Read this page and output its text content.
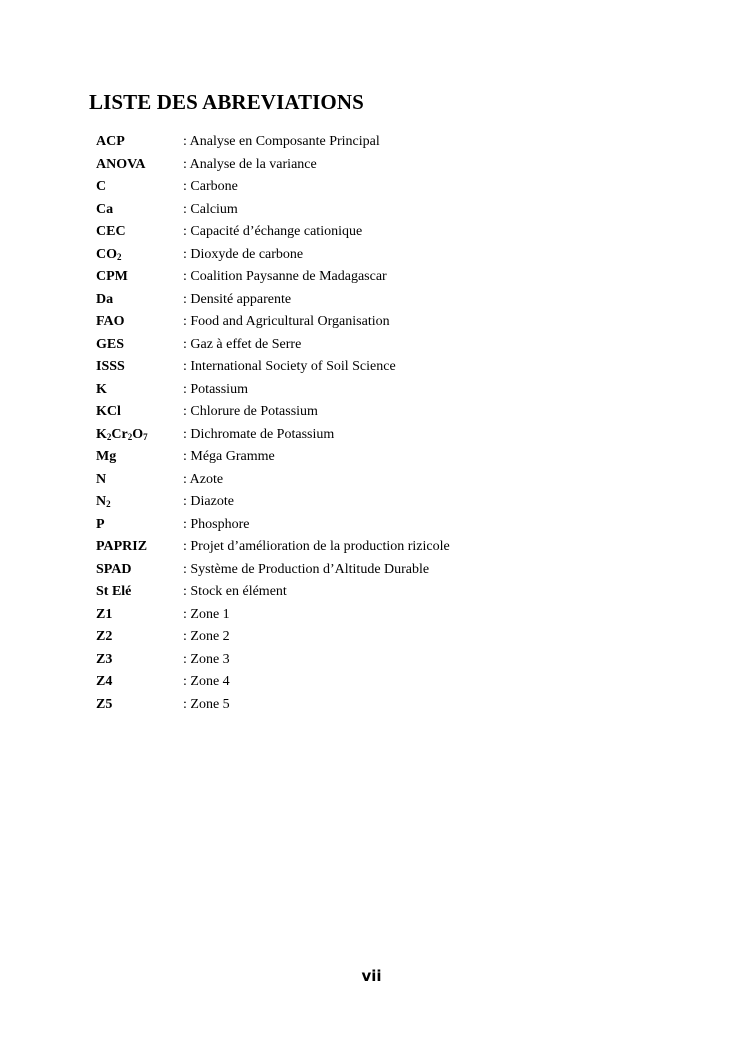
LISTE DES ABREVIATIONS
ACP	: Analyse en Composante Principal
ANOVA	: Analyse de la variance
C	: Carbone
Ca	: Calcium
CEC	: Capacité d’échange cationique
CO2	: Dioxyde de carbone
CPM	: Coalition Paysanne de Madagascar
Da	: Densité apparente
FAO	: Food and Agricultural Organisation
GES	: Gaz à effet de Serre
ISSS	: International Society of Soil Science
K	: Potassium
KCl	: Chlorure de Potassium
K2Cr2O7	: Dichromate de Potassium
Mg	: Méga Gramme
N	: Azote
N2	: Diazote
P	: Phosphore
PAPRIZ	: Projet d’amélioration de la production rizicole
SPAD	: Système de Production d’Altitude Durable
St Elé	: Stock en élément
Z1	: Zone 1
Z2	: Zone 2
Z3	: Zone 3
Z4	: Zone 4
Z5	: Zone 5
vii
